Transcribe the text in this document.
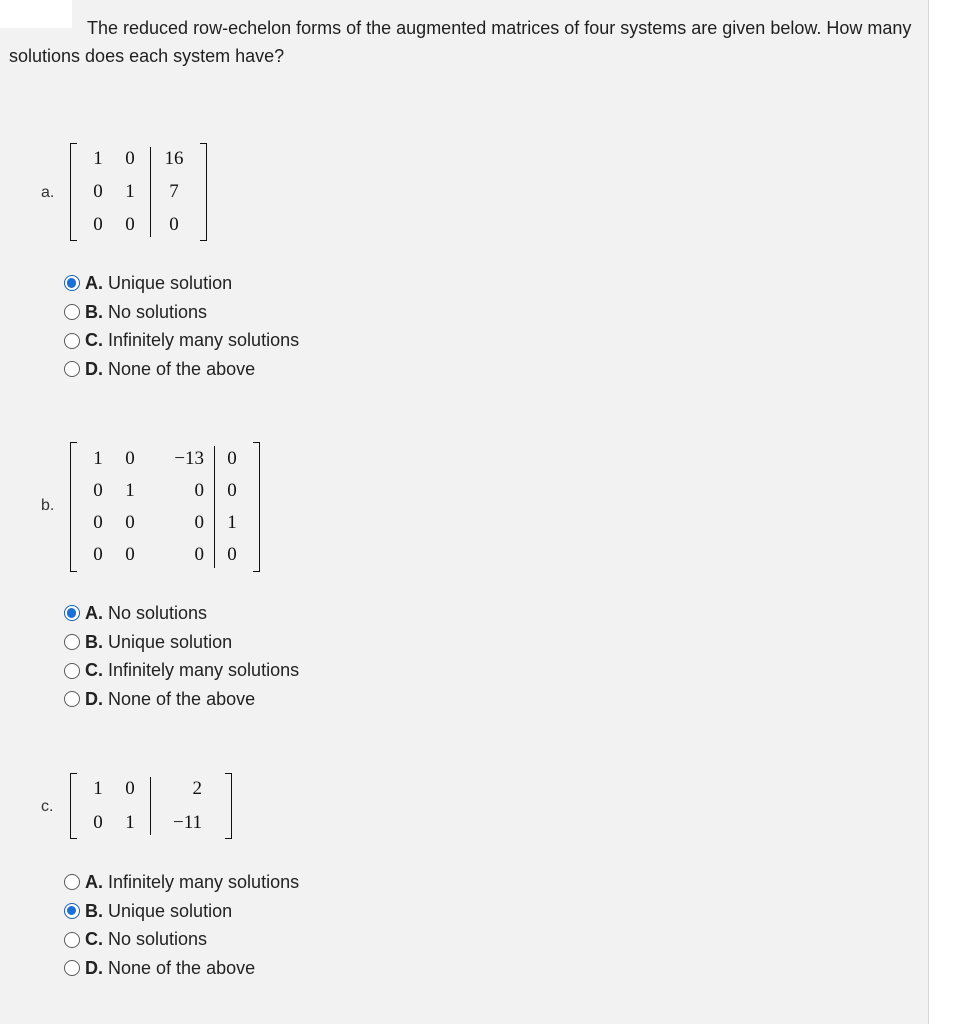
The reduced row-echelon forms of the augmented matrices of four systems are given below. How many solutions does each system have?
a.
1	0	16
0	1	7
0	0	0
A. Unique solution
B. No solutions
C. Infinitely many solutions
D. None of the above
b.
1	0	−13	0
0	1	0	0
0	0	0	1
0	0	0	0
A. No solutions
B. Unique solution
C. Infinitely many solutions
D. None of the above
c.
1	0	2
0	1	−11
A. Infinitely many solutions
B. Unique solution
C. No solutions
D. None of the above
